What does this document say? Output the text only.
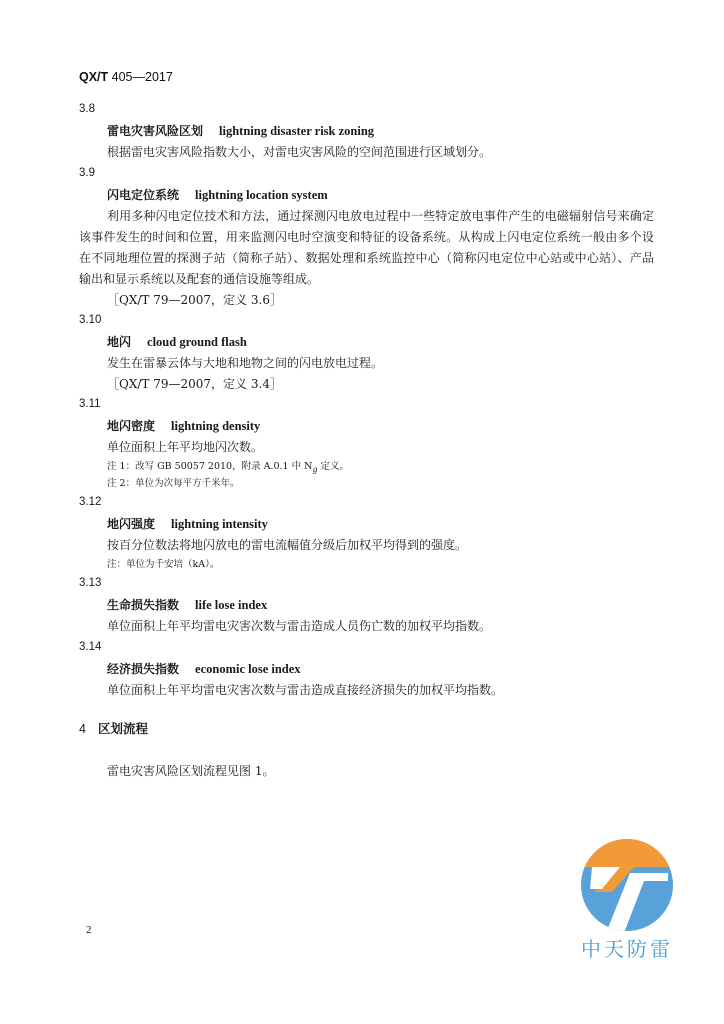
QX/T 405—2017
3.8
雷电灾害风险区划 lightning disaster risk zoning
根据雷电灾害风险指数大小，对雷电灾害风险的空间范围进行区域划分。
3.9
闪电定位系统 lightning location system
利用多种闪电定位技术和方法，通过探测闪电放电过程中一些特定放电事件产生的电磁辐射信号来确定该事件发生的时间和位置，用来监测闪电时空演变和特征的设备系统。从构成上闪电定位系统一般由多个设在不同地理位置的探测子站（简称子站）、数据处理和系统监控中心（简称闪电定位中心站或中心站）、产品输出和显示系统以及配套的通信设施等组成。
［QX/T 79—2007，定义 3.6］
3.10
地闪 cloud ground flash
发生在雷暴云体与大地和地物之间的闪电放电过程。
［QX/T 79—2007，定义 3.4］
3.11
地闪密度 lightning density
单位面积上年平均地闪次数。
注 1：改写 GB 50057 2010，附录 A.0.1 中 $N_g$ 定义。
注 2：单位为次每平方千米年。
3.12
地闪强度 lightning intensity
按百分位数法将地闪放电的雷电流幅值分级后加权平均得到的强度。
注：单位为千安培（kA）。
3.13
生命损失指数 life lose index
单位面积上年平均雷电灾害次数与雷击造成人员伤亡数的加权平均指数。
3.14
经济损失指数 economic lose index
单位面积上年平均雷电灾害次数与雷击造成直接经济损失的加权平均指数。
4 区划流程
雷电灾害风险区划流程见图 1。
2
中天防雷
